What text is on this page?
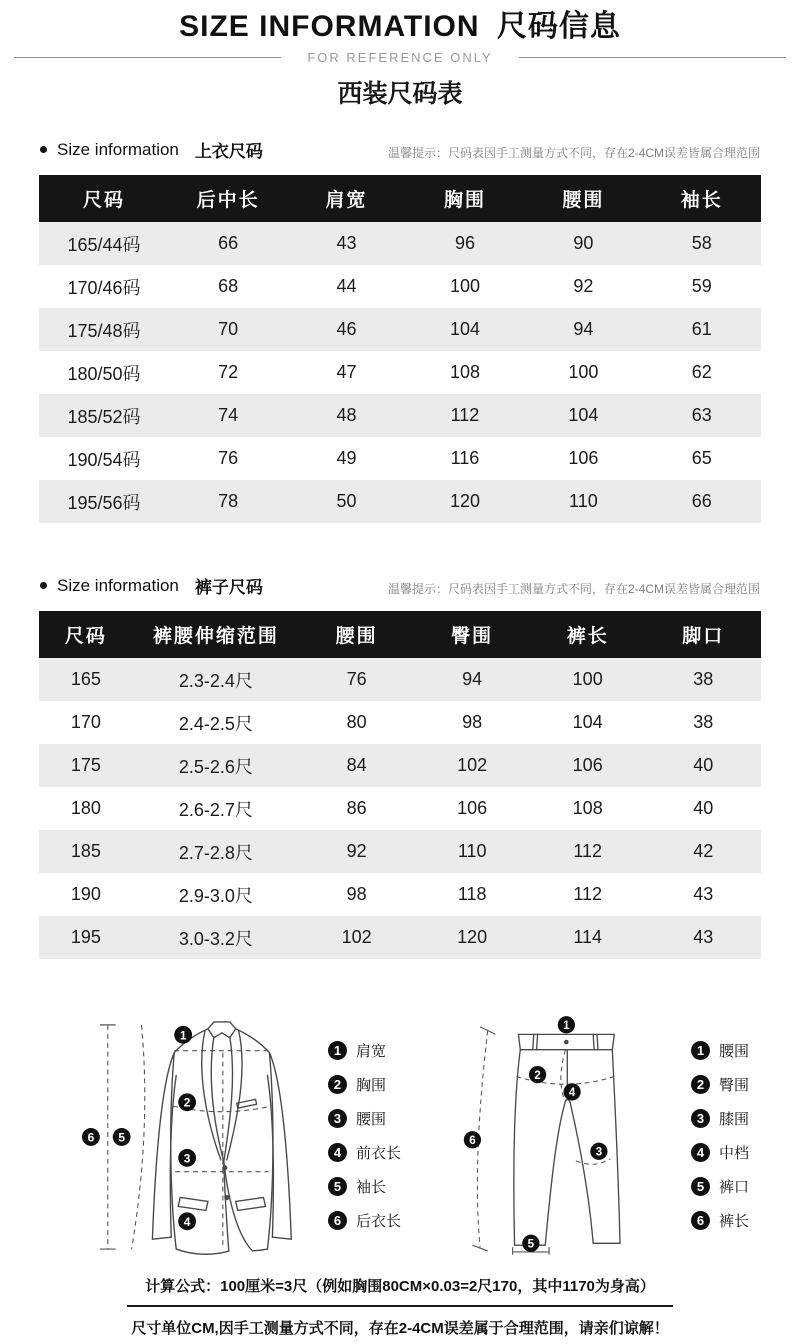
SIZE INFORMATION 尺码信息
FOR REFERENCE ONLY
西装尺码表
Size information 上衣尺码	温馨提示：尺码表因手工测量方式不同，存在2-4CM误差皆属合理范围
尺码	后中长	肩宽	胸围	腰围	袖长
165/44码	66	43	96	90	58
170/46码	68	44	100	92	59
175/48码	70	46	104	94	61
180/50码	72	47	108	100	62
185/52码	74	48	112	104	63
190/54码	76	49	116	106	65
195/56码	78	50	120	110	66
Size information 裤子尺码	温馨提示：尺码表因手工测量方式不同，存在2-4CM误差皆属合理范围
尺码	裤腰伸缩范围	腰围	臀围	裤长	脚口
165	2.3-2.4尺	76	94	100	38
170	2.4-2.5尺	80	98	104	38
175	2.5-2.6尺	84	102	106	40
180	2.6-2.7尺	86	106	108	40
185	2.7-2.8尺	92	110	112	42
190	2.9-3.0尺	98	118	112	43
195	3.0-3.2尺	102	120	114	43
6 5
1
2
3
4
1 肩宽
2 胸围
3 腰围
4 前衣长
5 袖长
6 后衣长
1
2
3
4
5
6
1 腰围
2 臀围
3 膝围
4 中档
5 裤口
6 裤长
计算公式：100厘米=3尺（例如胸围80CM×0.03=2尺170，其中1170为身高）
尺寸单位CM,因手工测量方式不同，存在2-4CM误差属于合理范围，请亲们谅解！
